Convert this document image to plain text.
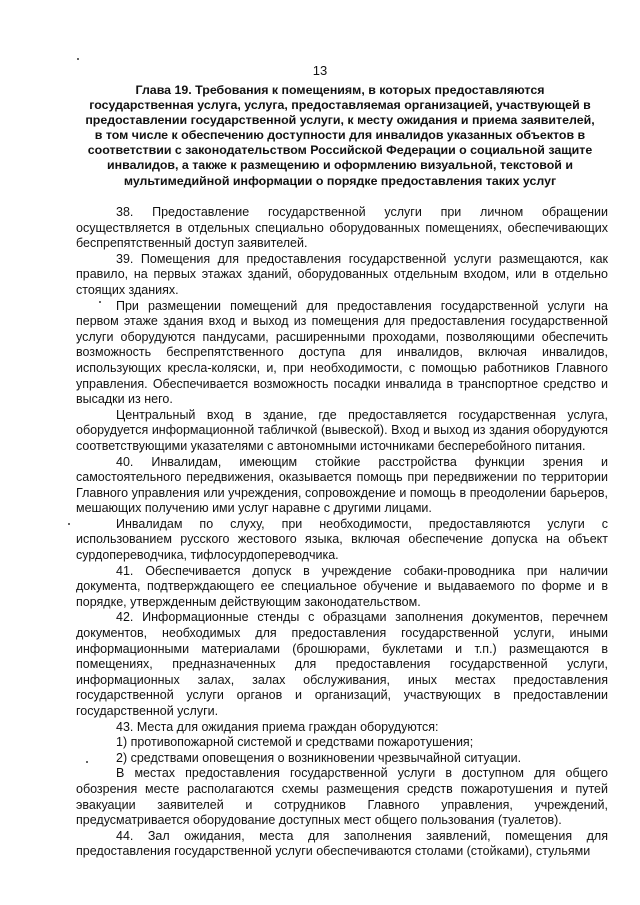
13
Глава 19. Требования к помещениям, в которых предоставляются
государственная услуга, услуга, предоставляемая организацией, участвующей в
предоставлении государственной услуги, к месту ожидания и приема заявителей,
в том числе к обеспечению доступности для инвалидов указанных объектов в
соответствии с законодательством Российской Федерации о социальной защите
инвалидов, а также к размещению и оформлению визуальной, текстовой и
мультимедийной информации о порядке предоставления таких услуг

38. Предоставление государственной услуги при личном обращении осуществляется в отдельных специально оборудованных помещениях, обеспечивающих беспрепятственный доступ заявителей.

39. Помещения для предоставления государственной услуги размещаются, как правило, на первых этажах зданий, оборудованных отдельным входом, или в отдельно стоящих зданиях.

При размещении помещений для предоставления государственной услуги на первом этаже здания вход и выход из помещения для предоставления государственной услуги оборудуются пандусами, расширенными проходами, позволяющими обеспечить возможность беспрепятственного доступа для инвалидов, включая инвалидов, использующих кресла-коляски, и, при необходимости, с помощью работников Главного управления. Обеспечивается возможность посадки инвалида в транспортное средство и высадки из него.

Центральный вход в здание, где предоставляется государственная услуга, оборудуется информационной табличкой (вывеской). Вход и выход из здания оборудуются соответствующими указателями с автономными источниками бесперебойного питания.

40. Инвалидам, имеющим стойкие расстройства функции зрения и самостоятельного передвижения, оказывается помощь при передвижении по территории Главного управления или учреждения, сопровождение и помощь в преодолении барьеров, мешающих получению ими услуг наравне с другими лицами.

Инвалидам по слуху, при необходимости, предоставляются услуги с использованием русского жестового языка, включая обеспечение допуска на объект сурдопереводчика, тифлосурдопереводчика.

41. Обеспечивается допуск в учреждение собаки-проводника при наличии документа, подтверждающего ее специальное обучение и выдаваемого по форме и в порядке, утвержденным действующим законодательством.

42. Информационные стенды с образцами заполнения документов, перечнем документов, необходимых для предоставления государственной услуги, иными информационными материалами (брошюрами, буклетами и т.п.) размещаются в помещениях, предназначенных для предоставления государственной услуги, информационных залах, залах обслуживания, иных местах предоставления государственной услуги органов и организаций, участвующих в предоставлении государственной услуги.

43. Места для ожидания приема граждан оборудуются:

1) противопожарной системой и средствами пожаротушения;

2) средствами оповещения о возникновении чрезвычайной ситуации.

В местах предоставления государственной услуги в доступном для общего обозрения месте располагаются схемы размещения средств пожаротушения и путей эвакуации заявителей и сотрудников Главного управления, учреждений, предусматривается оборудование доступных мест общего пользования (туалетов).

44. Зал ожидания, места для заполнения заявлений, помещения для предоставления государственной услуги обеспечиваются столами (стойками), стульями
